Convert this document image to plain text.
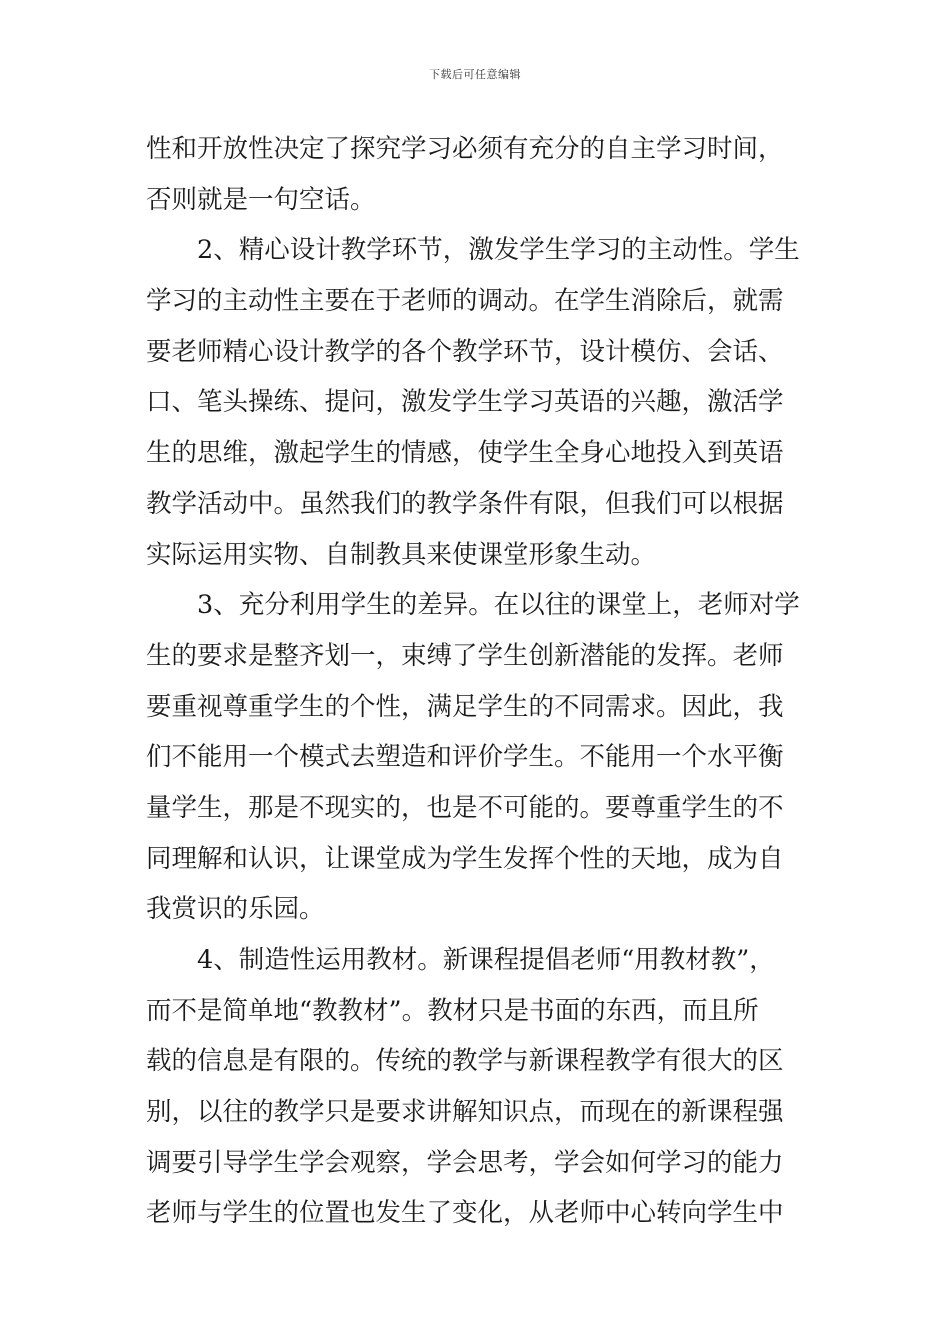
下载后可任意编辑
性和开放性决定了探究学习必须有充分的自主学习时间，
否则就是一句空话。
2、精心设计教学环节，激发学生学习的主动性。学生
学习的主动性主要在于老师的调动。在学生消除后，就需
要老师精心设计教学的各个教学环节，设计模仿、会话、
口、笔头操练、提问，激发学生学习英语的兴趣，激活学
生的思维，激起学生的情感，使学生全身心地投入到英语
教学活动中。虽然我们的教学条件有限，但我们可以根据
实际运用实物、自制教具来使课堂形象生动。
3、充分利用学生的差异。在以往的课堂上，老师对学
生的要求是整齐划一，束缚了学生创新潜能的发挥。老师
要重视尊重学生的个性，满足学生的不同需求。因此，我
们不能用一个模式去塑造和评价学生。不能用一个水平衡
量学生，那是不现实的，也是不可能的。要尊重学生的不
同理解和认识，让课堂成为学生发挥个性的天地，成为自
我赏识的乐园。
4、制造性运用教材。新课程提倡老师“用教材教”，
而不是简单地“教教材”。教材只是书面的东西，而且所
载的信息是有限的。传统的教学与新课程教学有很大的区
别，以往的教学只是要求讲解知识点，而现在的新课程强
调要引导学生学会观察，学会思考，学会如何学习的能力
老师与学生的位置也发生了变化，从老师中心转向学生中
